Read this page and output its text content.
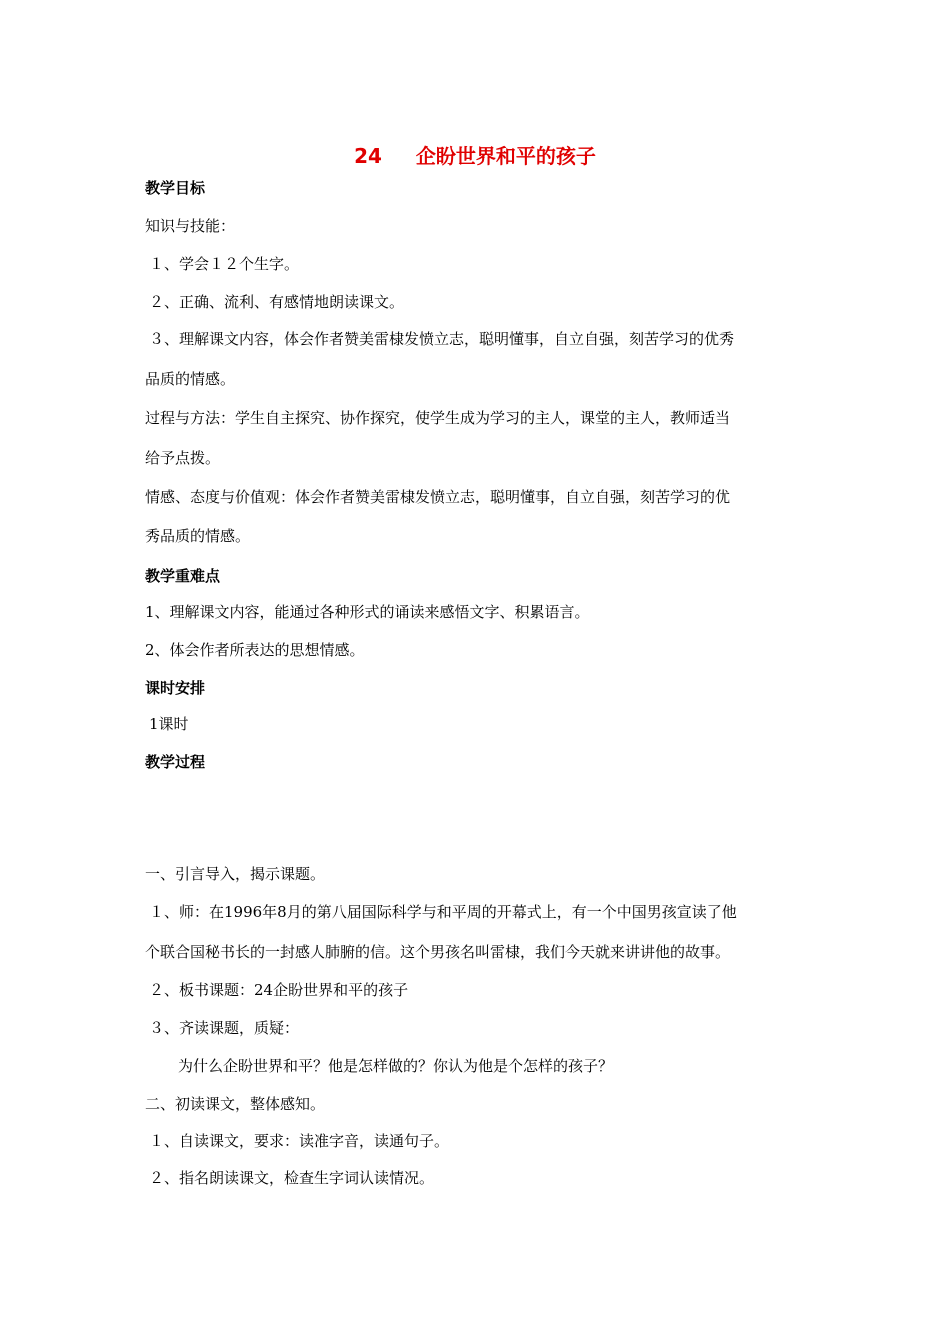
24 企盼世界和平的孩子
教学目标
知识与技能：
１、学会１２个生字。
２、正确、流利、有感情地朗读课文。
３、理解课文内容，体会作者赞美雷棣发愤立志，聪明懂事，自立自强，刻苦学习的优秀
品质的情感。
过程与方法：学生自主探究、协作探究，使学生成为学习的主人，课堂的主人，教师适当
给予点拨。
情感、态度与价值观：体会作者赞美雷棣发愤立志，聪明懂事，自立自强，刻苦学习的优
秀品质的情感。
教学重难点
1、理解课文内容，能通过各种形式的诵读来感悟文字、积累语言。
2、体会作者所表达的思想情感。
课时安排
1课时
教学过程
一、引言导入，揭示课题。
１、师：在1996年8月的第八届国际科学与和平周的开幕式上，有一个中国男孩宣读了他
个联合国秘书长的一封感人肺腑的信。这个男孩名叫雷棣，我们今天就来讲讲他的故事。
２、板书课题：24企盼世界和平的孩子
３、齐读课题，质疑：
为什么企盼世界和平？他是怎样做的？你认为他是个怎样的孩子？
二、初读课文，整体感知。
１、自读课文，要求：读准字音，读通句子。
２、指名朗读课文，检查生字词认读情况。
